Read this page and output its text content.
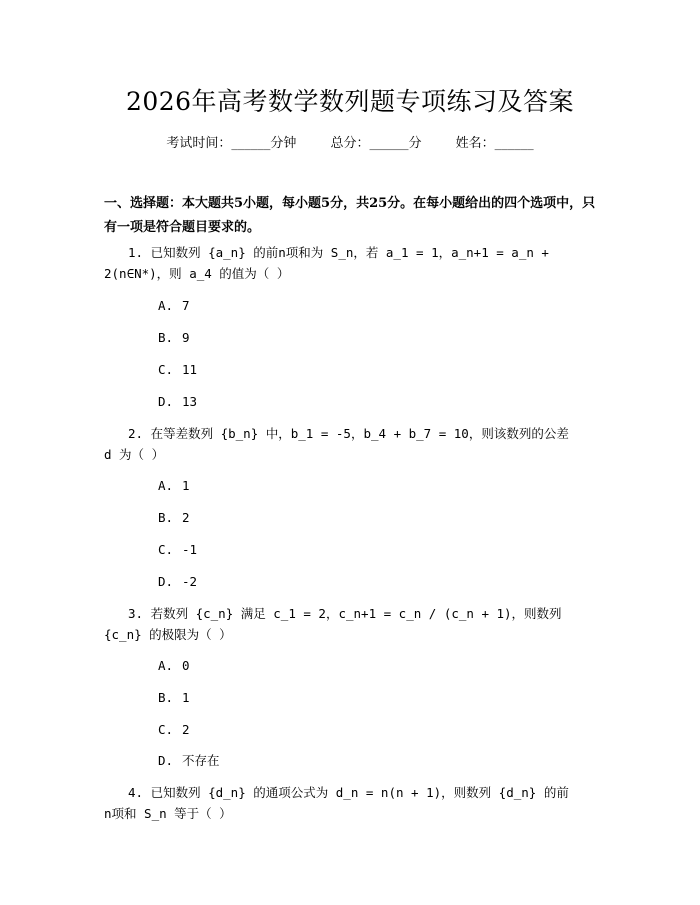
2026年高考数学数列题专项练习及答案
考试时间：______分钟	总分：______分	姓名：______
一、选择题：本大题共5小题，每小题5分，共25分。在每小题给出的四个选项中，只有一项是符合题目要求的。
1. 已知数列 {a_n} 的前n项和为 S_n，若 a_1 = 1，a_n+1 = a_n + 2(n∈N*)，则 a_4 的值为（ ）
A. 7
B. 9
C. 11
D. 13
2. 在等差数列 {b_n} 中，b_1 = -5，b_4 + b_7 = 10，则该数列的公差 d 为（ ）
A. 1
B. 2
C. -1
D. -2
3. 若数列 {c_n} 满足 c_1 = 2，c_n+1 = c_n / (c_n + 1)，则数列 {c_n} 的极限为（ ）
A. 0
B. 1
C. 2
D. 不存在
4. 已知数列 {d_n} 的通项公式为 d_n = n(n + 1)，则数列 {d_n} 的前n项和 S_n 等于（ ）
